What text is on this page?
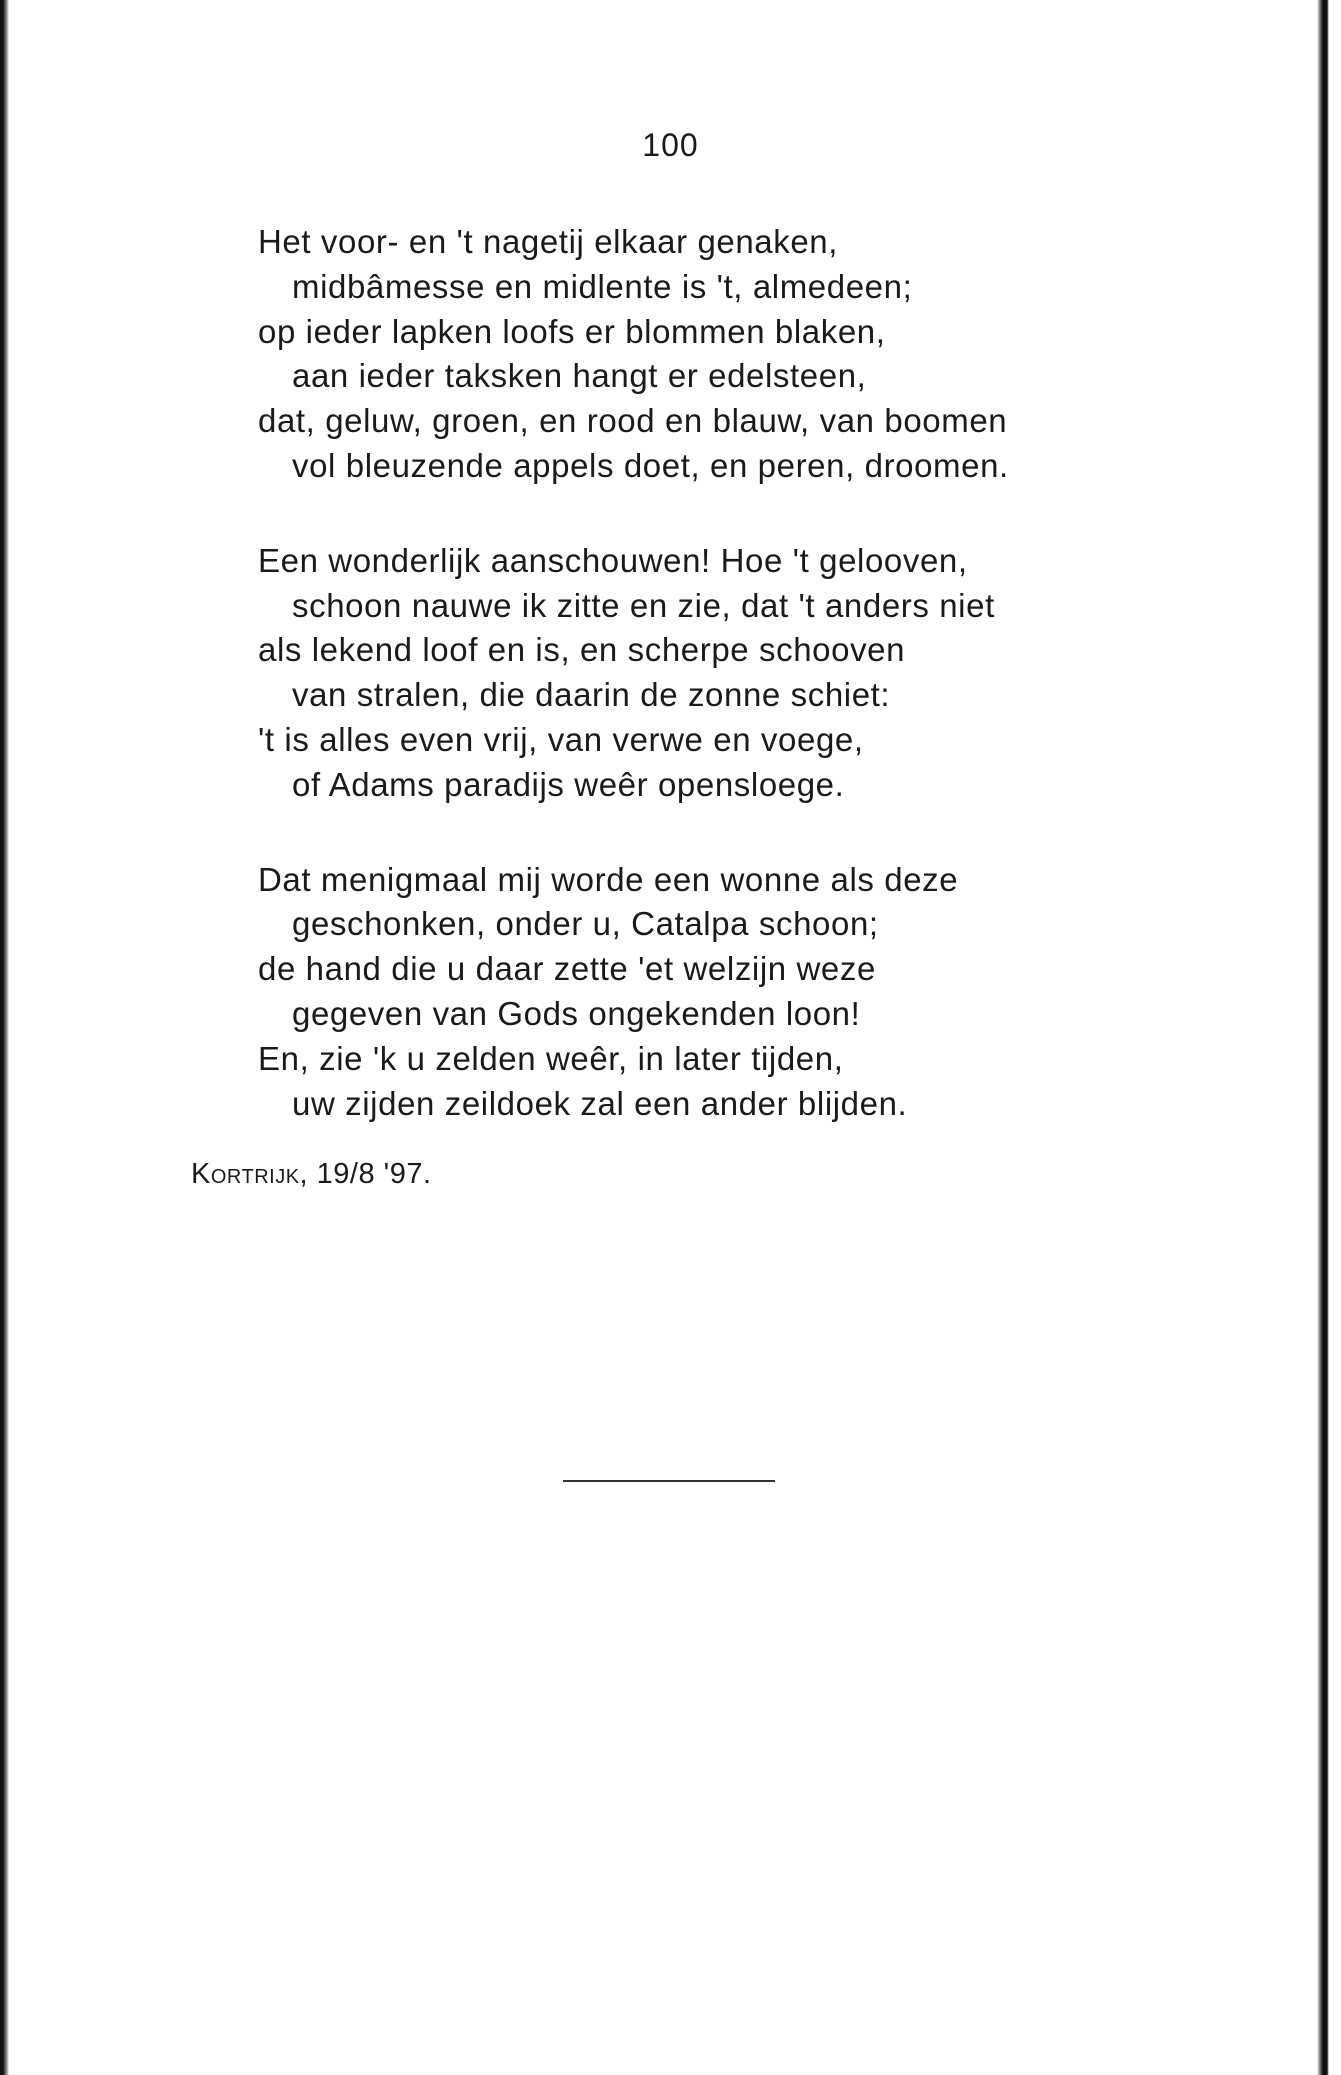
100
Het voor- en 't nagetij elkaar genaken,
midbâmesse en midlente is 't, almedeen;
op ieder lapken loofs er blommen blaken,
aan ieder taksken hangt er edelsteen,
dat, geluw, groen, en rood en blauw, van boomen
vol bleuzende appels doet, en peren, droomen.
Een wonderlijk aanschouwen! Hoe 't gelooven,
schoon nauwe ik zitte en zie, dat 't anders niet
als lekend loof en is, en scherpe schooven
van stralen, die daarin de zonne schiet:
't is alles even vrij, van verwe en voege,
of Adams paradijs weêr opensloege.
Dat menigmaal mij worde een wonne als deze
geschonken, onder u, Catalpa schoon;
de hand die u daar zette 'et welzijn weze
gegeven van Gods ongekenden loon!
En, zie 'k u zelden weêr, in later tijden,
uw zijden zeildoek zal een ander blijden.
Kortrijk, 19/8 '97.
